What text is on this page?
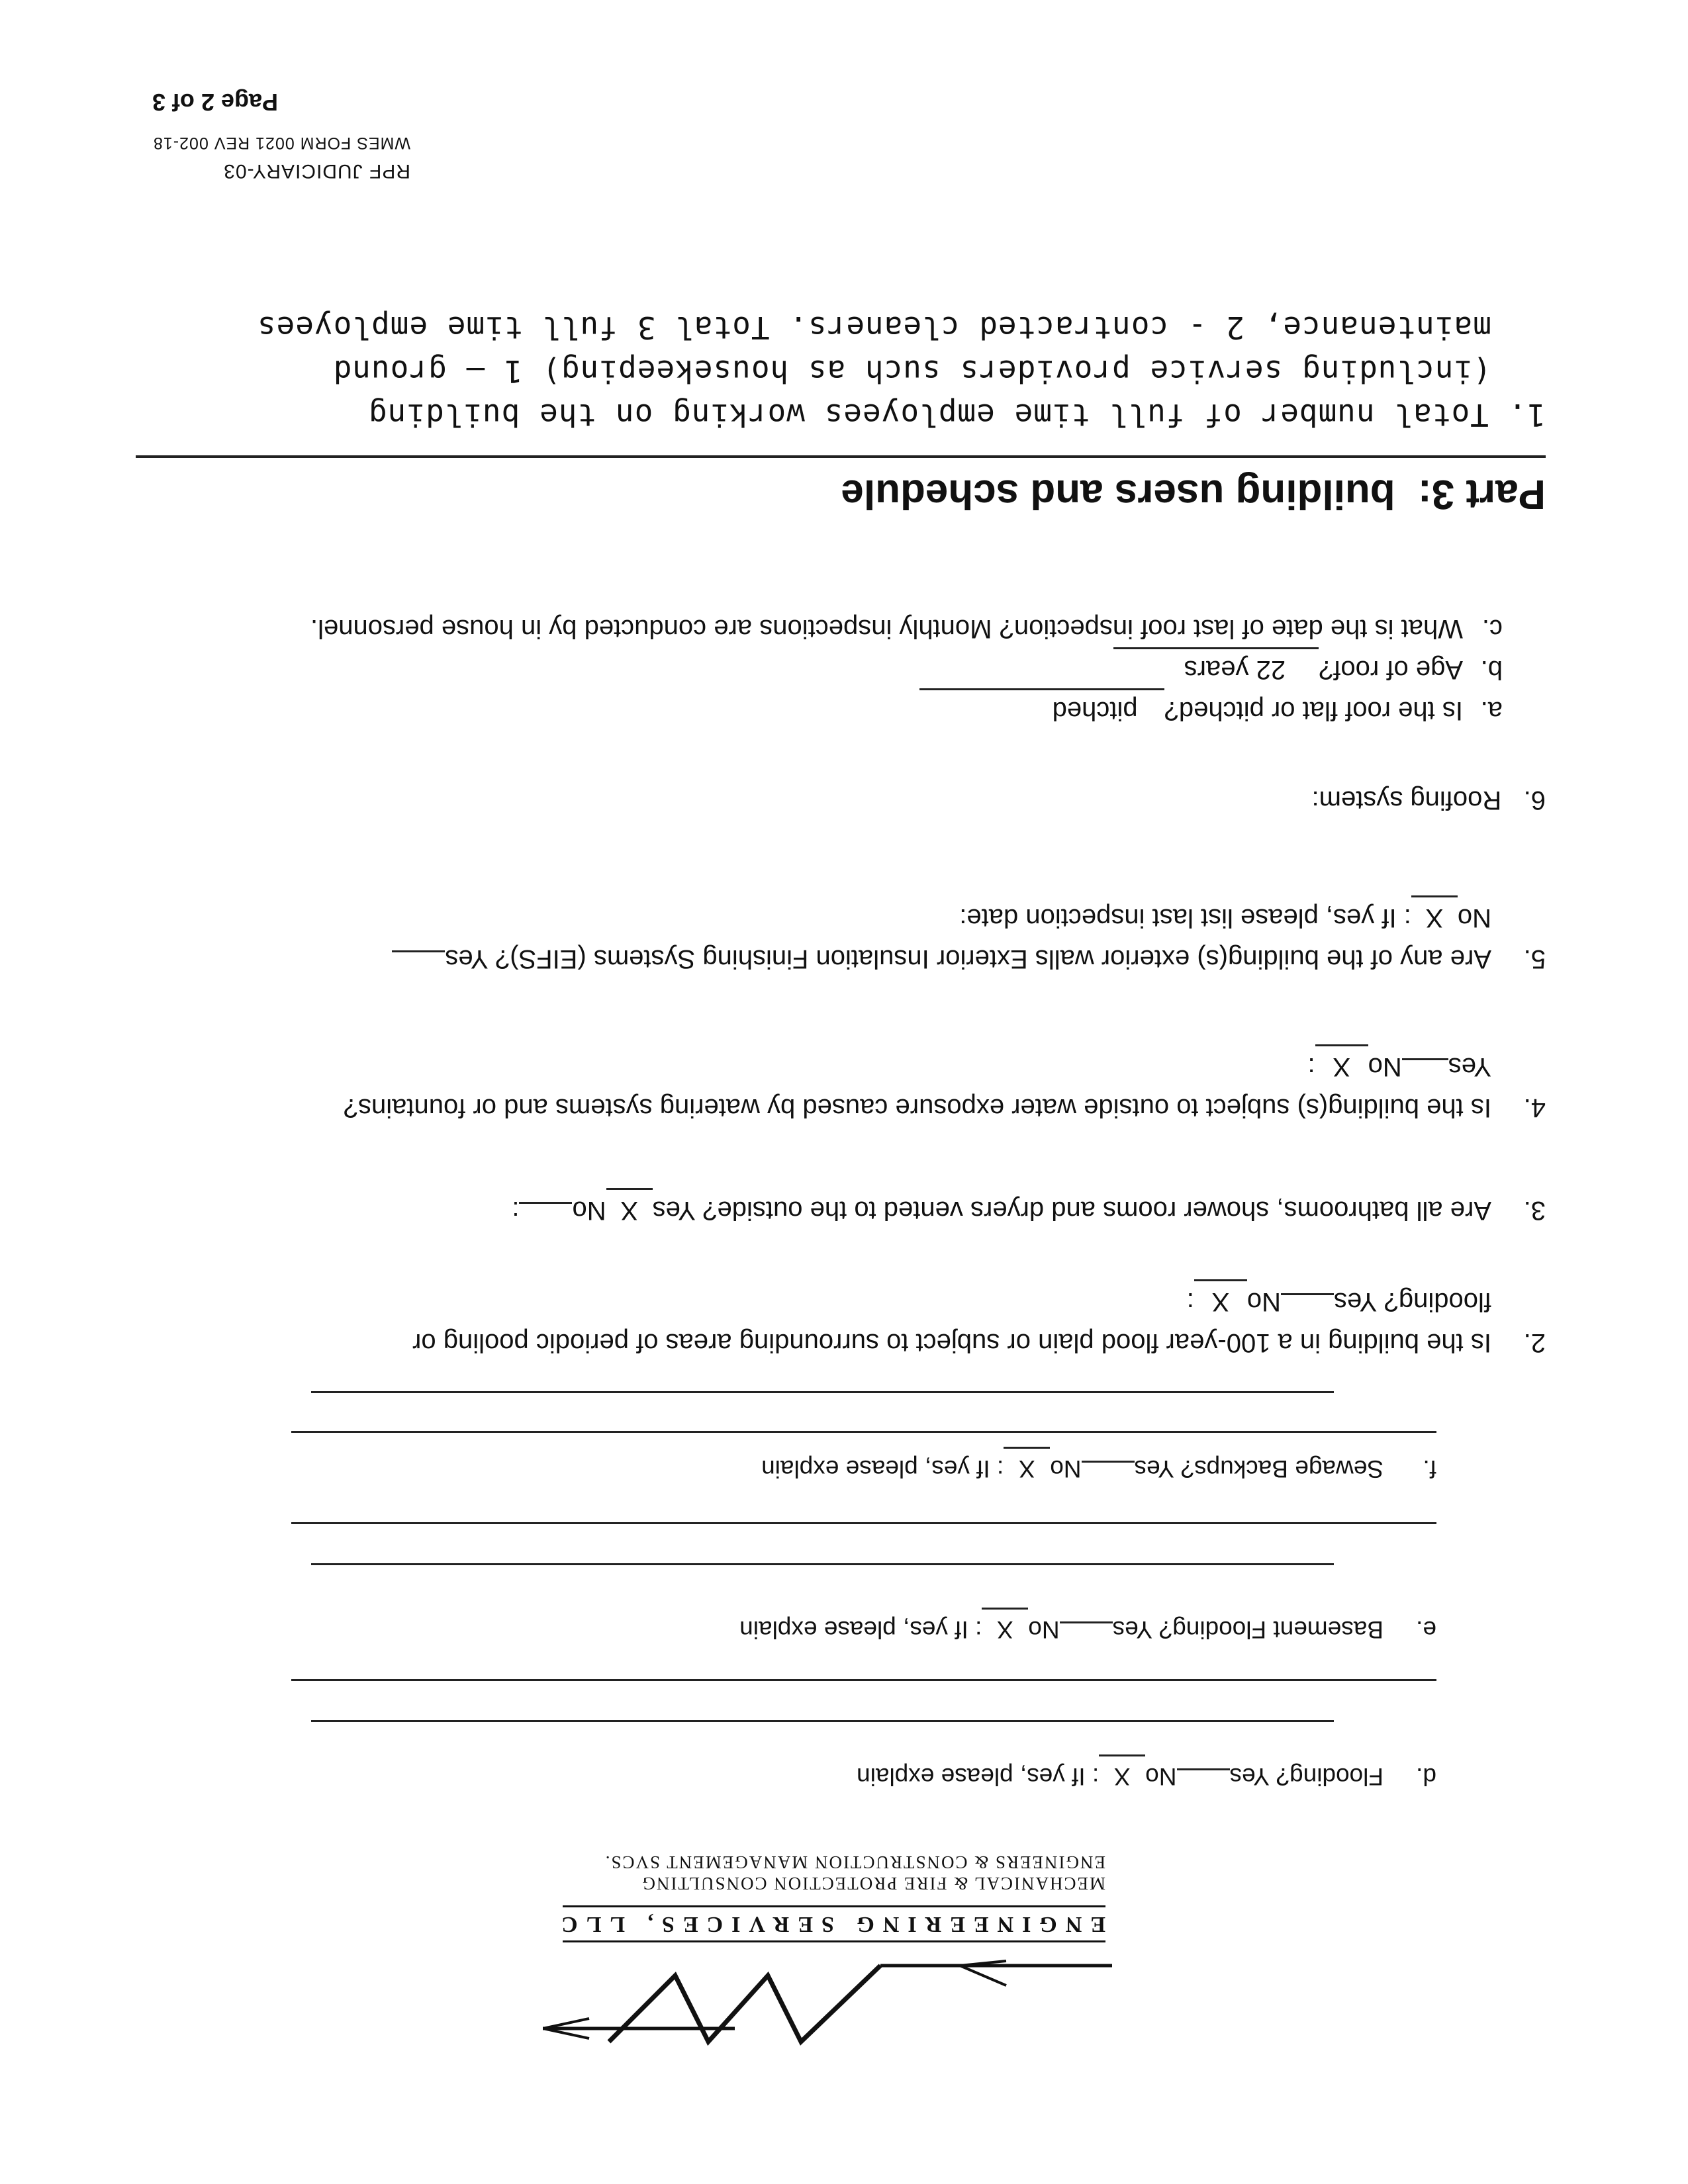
WM
ENGINEERING SERVICES, LLC
MECHANICAL & FIRE PROTECTION CONSULTING
ENGINEERS & CONSTRUCTION MANAGEMENT SVCS.
d.Flooding? YesNoX: If yes, please explain
e.Basement Flooding? YesNoX: If yes, please explain
f.Sewage Backups? YesNoX: If yes, please explain
2.Is the building in a 100-year flood plain or subject to surrounding areas of periodic pooling or
flooding? YesNoX:
3.Are all bathrooms, shower rooms and dryers vented to the outside? YesXNo:
4.Is the building(s) subject to outside water exposure caused by watering systems and or fountains?
YesNoX:
5.Are any of the building(s) exterior walls Exterior Insulation Finishing Systems (EIFS)? Yes
NoX: If yes, please list last inspection date:
6.   Roofing system:
a.Is the roof flat or pitched?pitched
b.Age of roof?22 years
c.
What is the date of last roof inspection? Monthly inspections are conducted by in house personnel.
Part 3:  building users and schedule
1. Total number of full time employees working on the building (including service providers such as housekeeping) 1 – ground maintenance, 2 - contracted cleaners. Total 3 full time employees
RPF JUDICIARY-03
WMES FORM 0021 REV 002-18
Page 2 of 3
